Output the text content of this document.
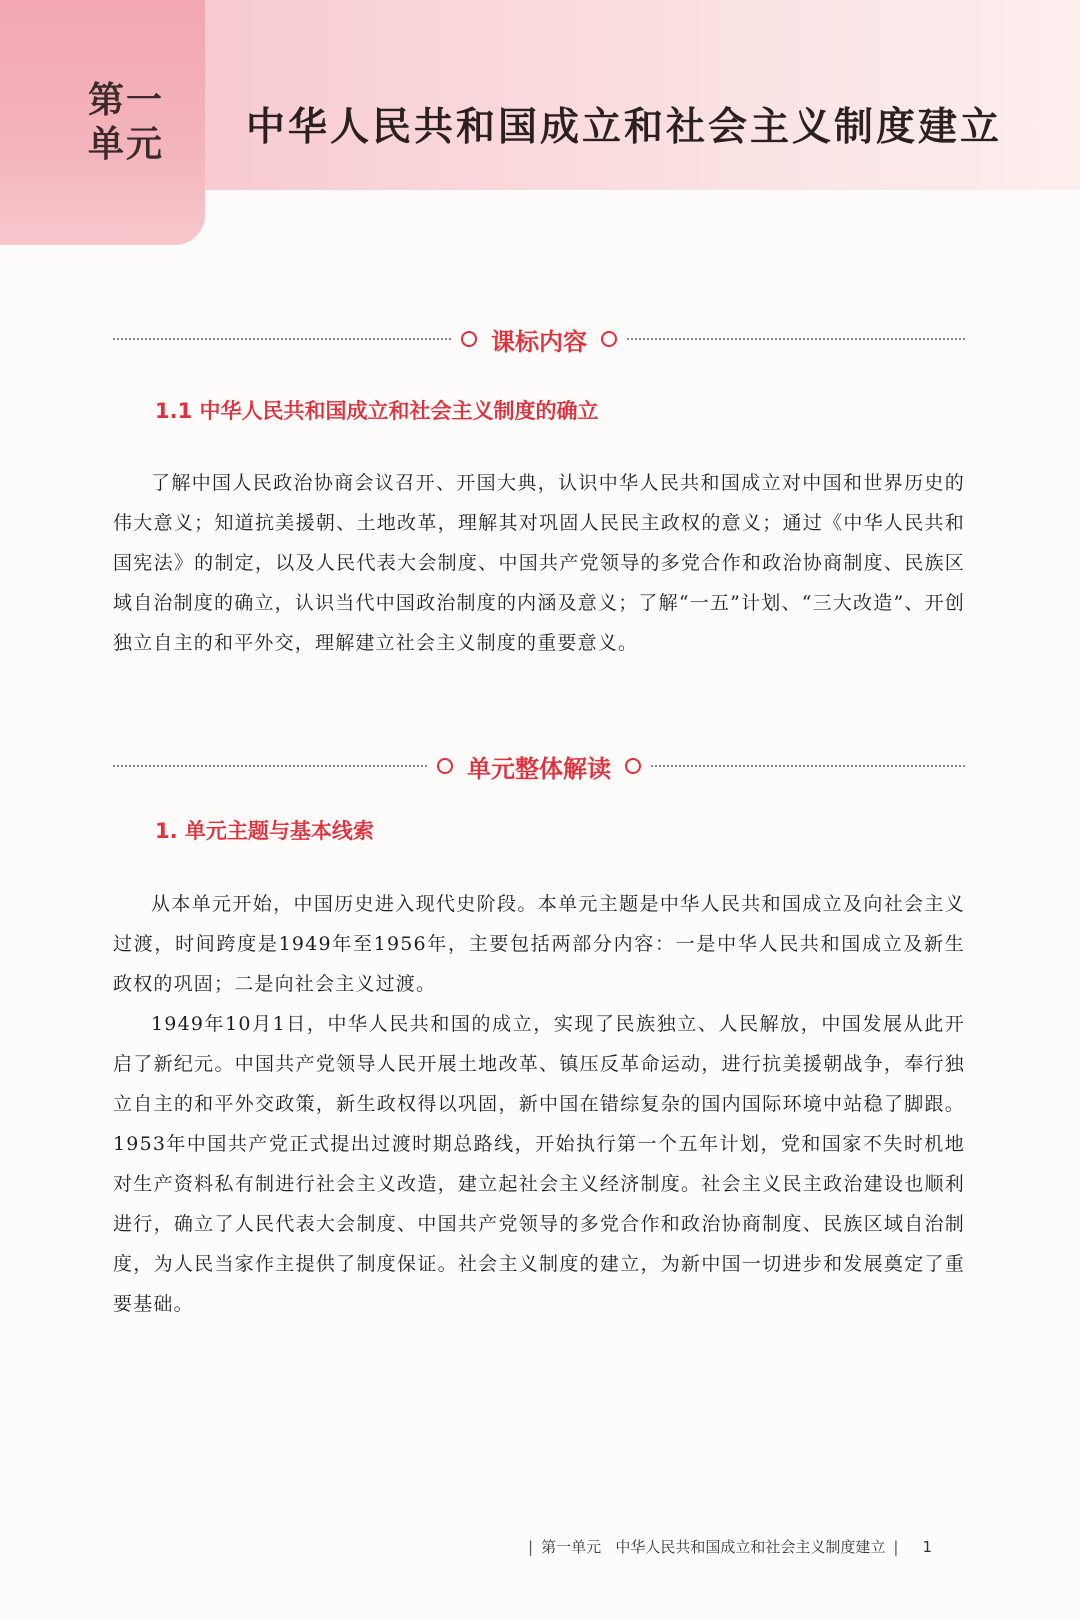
第一
单元 中华人民共和国成立和社会主义制度建立
课标内容
1.1 中华人民共和国成立和社会主义制度的确立

了解中国人民政治协商会议召开、开国大典，认识中华人民共和国成立对中国和世界历史的伟大意义；知道抗美援朝、土地改革，理解其对巩固人民民主政权的意义；通过《中华人民共和国宪法》的制定，以及人民代表大会制度、中国共产党领导的多党合作和政治协商制度、民族区域自治制度的确立，认识当代中国政治制度的内涵及意义；了解“一五”计划、“三大改造”、开创独立自主的和平外交，理解建立社会主义制度的重要意义。

单元整体解读
1. 单元主题与基本线索

从本单元开始，中国历史进入现代史阶段。本单元主题是中华人民共和国成立及向社会主义过渡，时间跨度是1949年至1956年，主要包括两部分内容：一是中华人民共和国成立及新生政权的巩固；二是向社会主义过渡。

1949年10月1日，中华人民共和国的成立，实现了民族独立、人民解放，中国发展从此开启了新纪元。中国共产党领导人民开展土地改革、镇压反革命运动，进行抗美援朝战争，奉行独立自主的和平外交政策，新生政权得以巩固，新中国在错综复杂的国内国际环境中站稳了脚跟。1953年中国共产党正式提出过渡时期总路线，开始执行第一个五年计划，党和国家不失时机地对生产资料私有制进行社会主义改造，建立起社会主义经济制度。社会主义民主政治建设也顺利进行，确立了人民代表大会制度、中国共产党领导的多党合作和政治协商制度、民族区域自治制度，为人民当家作主提供了制度保证。社会主义制度的建立，为新中国一切进步和发展奠定了重要基础。

| 第一单元 中华人民共和国成立和社会主义制度建立 | 1
